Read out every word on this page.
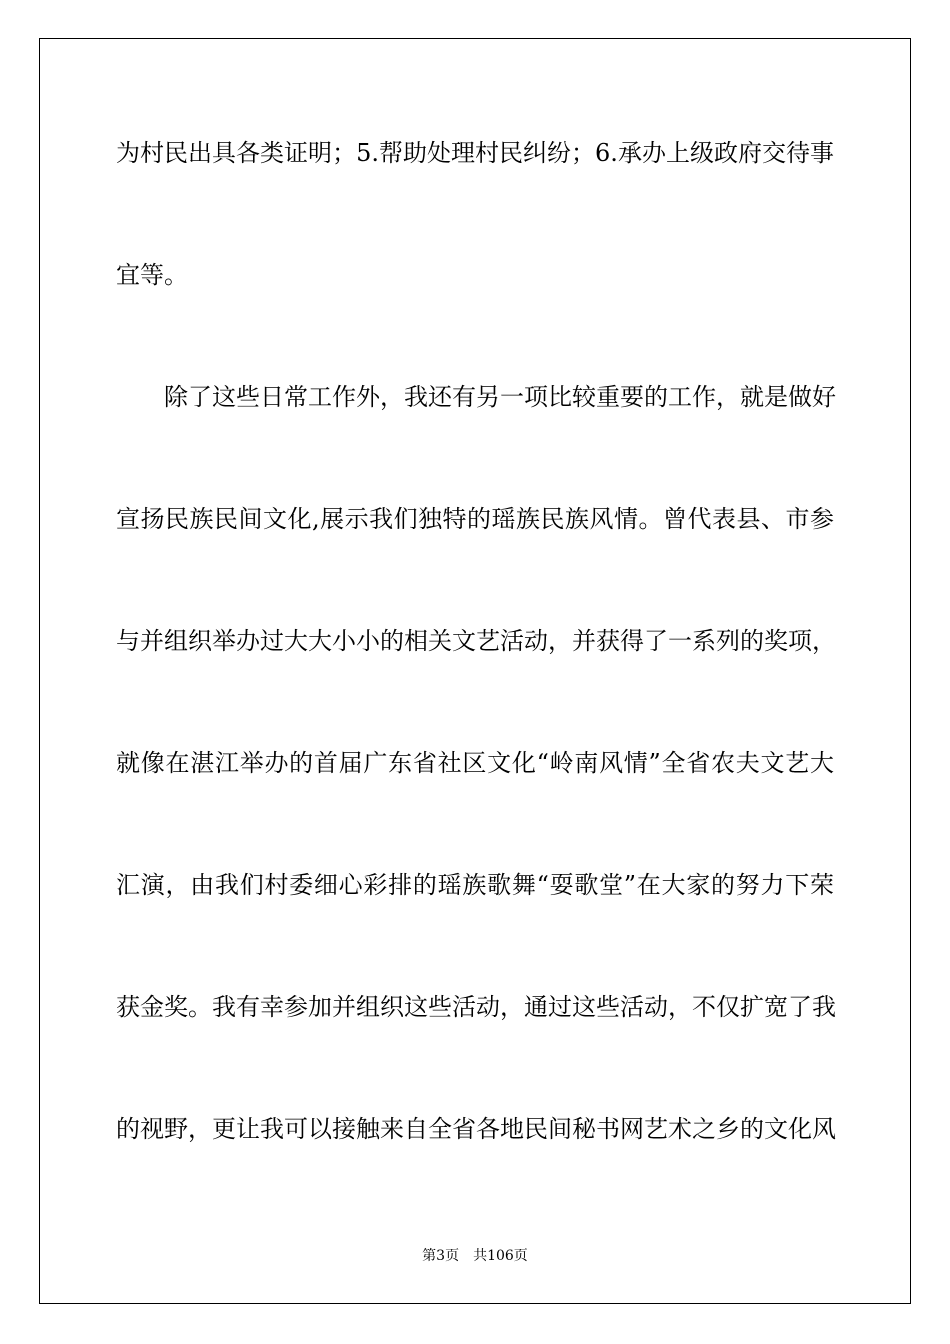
为村民出具各类证明；5.帮助处理村民纠纷；6.承办上级政府交待事
宜等。
除了这些日常工作外，我还有另一项比较重要的工作，就是做好
宣扬民族民间文化,展示我们独特的瑶族民族风情。曾代表县、市参
与并组织举办过大大小小的相关文艺活动，并获得了一系列的奖项，
就像在湛江举办的首届广东省社区文化“岭南风情”全省农夫文艺大
汇演，由我们村委细心彩排的瑶族歌舞“耍歌堂”在大家的努力下荣
获金奖。我有幸参加并组织这些活动，通过这些活动，不仅扩宽了我
的视野，更让我可以接触来自全省各地民间秘书网艺术之乡的文化风
第3页　共106页
